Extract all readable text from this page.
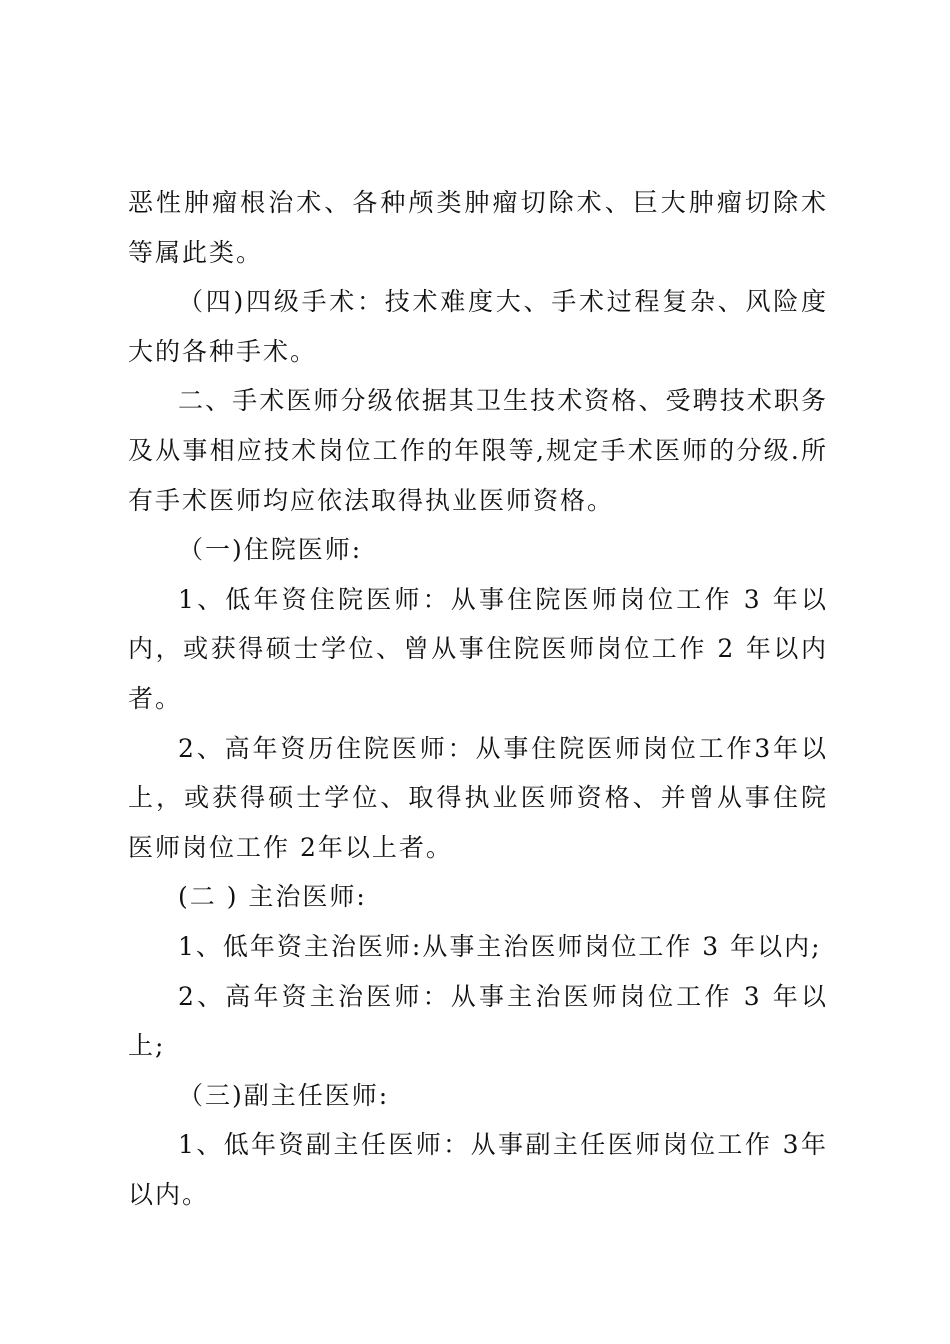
恶性肿瘤根治术、各种颅类肿瘤切除术、巨大肿瘤切除术等属此类。

（四)四级手术：技术难度大、手术过程复杂、风险度大的各种手术。

二、手术医师分级依据其卫生技术资格、受聘技术职务及从事相应技术岗位工作的年限等,规定手术医师的分级.所有手术医师均应依法取得执业医师资格。

（一)住院医师:

1、低年资住院医师：从事住院医师岗位工作 3 年以内，或获得硕士学位、曾从事住院医师岗位工作 2 年以内者。

2、高年资历住院医师：从事住院医师岗位工作3年以上，或获得硕士学位、取得执业医师资格、并曾从事住院医师岗位工作 2年以上者。

(二 ) 主治医师:

1、低年资主治医师:从事主治医师岗位工作 3 年以内;

2、高年资主治医师：从事主治医师岗位工作 3 年以上;

（三)副主任医师:

1、低年资副主任医师：从事副主任医师岗位工作 3年以内。
